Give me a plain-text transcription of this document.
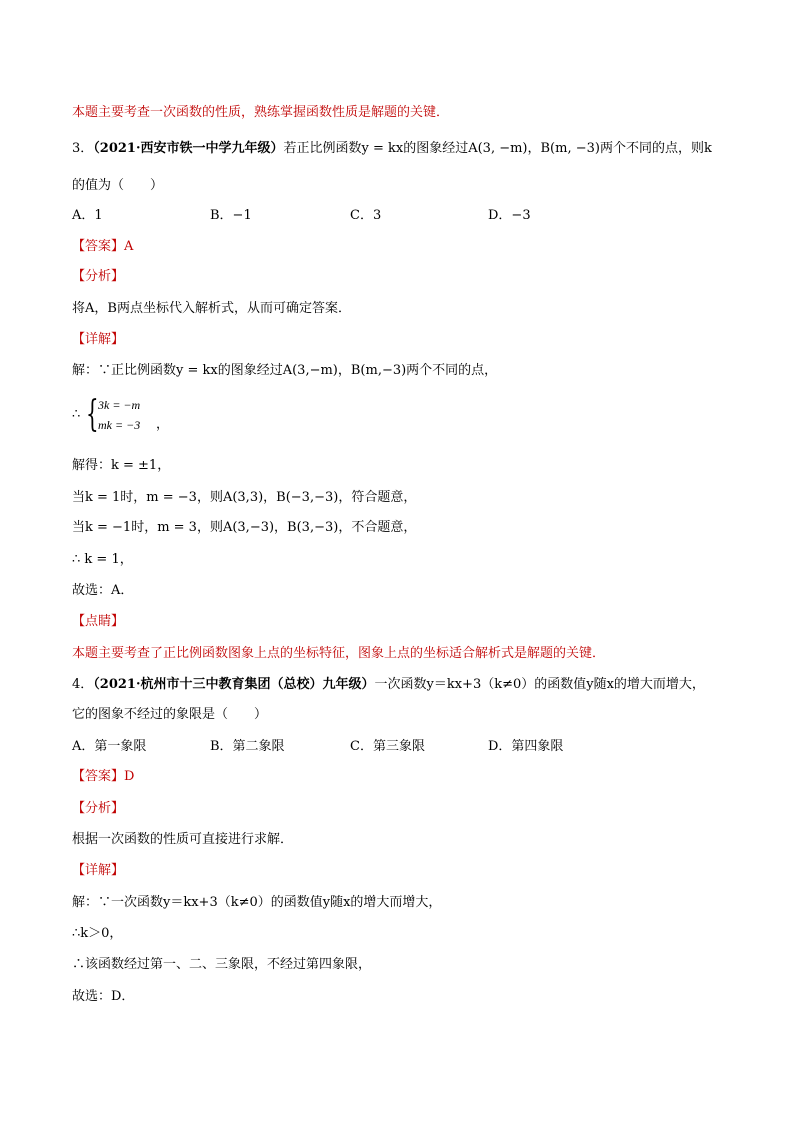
本题主要考查一次函数的性质，熟练掌握函数性质是解题的关键．
3．（2021·西安市铁一中学九年级）若正比例函数y = kx的图象经过A(3, −m)，B(m, −3)两个不同的点，则k
的值为（　　）
A．1	B．−1	C．3	D．−3
【答案】A
【分析】
将A，B两点坐标代入解析式，从而可确定答案．
【详解】
解：∵正比例函数y = kx的图象经过A(3,−m)，B(m,−3)两个不同的点，
∴ { 3k = −m
mk = −3 ，
解得：k = ±1，
当k = 1时，m = −3，则A(3,3)，B(−3,−3)，符合题意，
当k = −1时，m = 3，则A(3,−3)，B(3,−3)，不合题意，
∴ k = 1，
故选：A．
【点睛】
本题主要考查了正比例函数图象上点的坐标特征，图象上点的坐标适合解析式是解题的关键．
4．（2021·杭州市十三中教育集团（总校）九年级）一次函数y＝kx+3（k≠0）的函数值y随x的增大而增大，
它的图象不经过的象限是（　　）
A．第一象限	B．第二象限	C．第三象限	D．第四象限
【答案】D
【分析】
根据一次函数的性质可直接进行求解．
【详解】
解：∵一次函数y＝kx+3（k≠0）的函数值y随x的增大而增大，
∴k＞0，
∴该函数经过第一、二、三象限，不经过第四象限，
故选：D．
